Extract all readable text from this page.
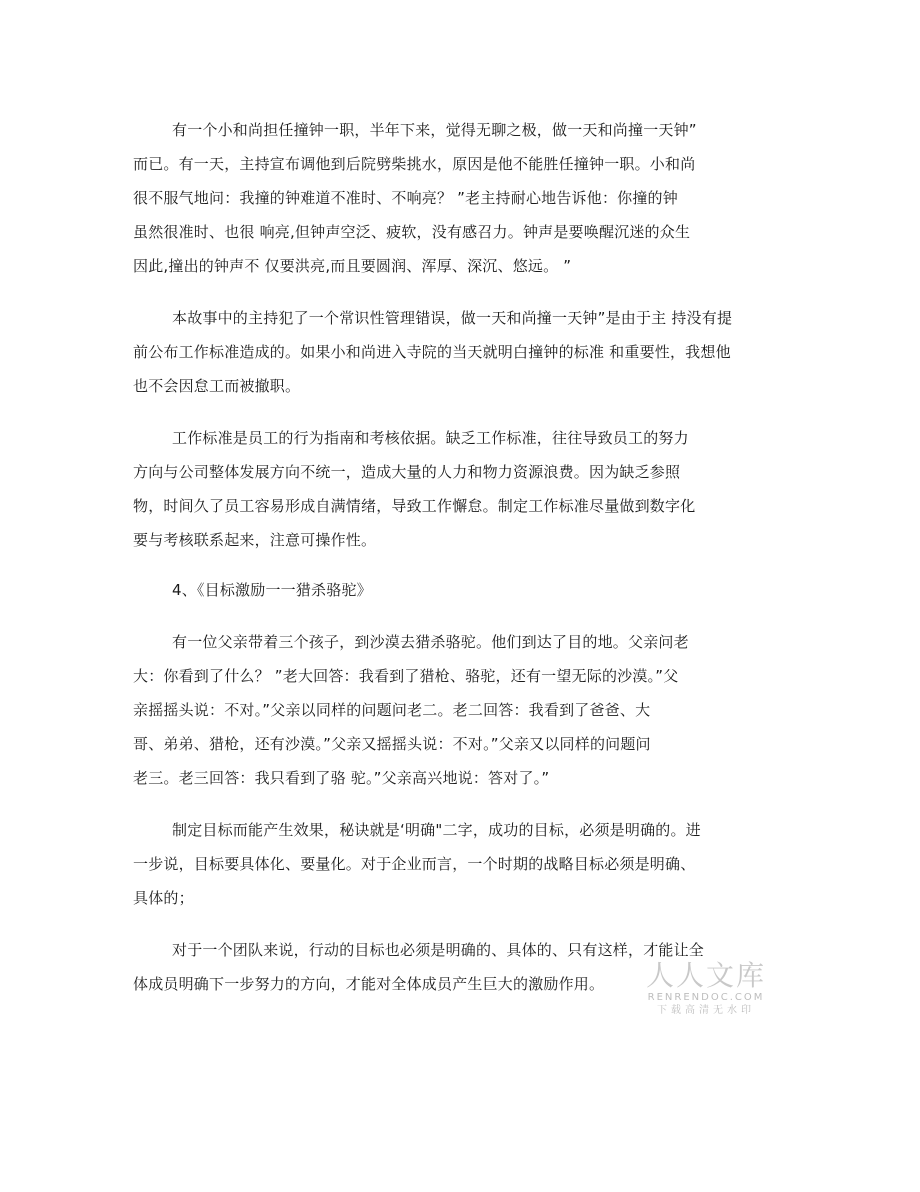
有一个小和尚担任撞钟一职，半年下来，觉得无聊之极，做一天和尚撞一天钟”
而已。有一天，主持宣布调他到后院劈柴挑水，原因是他不能胜任撞钟一职。小和尚
很不服气地问：我撞的钟难道不准时、不响亮？ ”老主持耐心地告诉他：你撞的钟
虽然很准时、也很 响亮,但钟声空泛、疲软，没有感召力。钟声是要唤醒沉迷的众生
因此,撞出的钟声不 仅要洪亮,而且要圆润、浑厚、深沉、悠远。 ”
本故事中的主持犯了一个常识性管理错误，做一天和尚撞一天钟”是由于主 持没有提
前公布工作标准造成的。如果小和尚进入寺院的当天就明白撞钟的标准 和重要性，我想他
也不会因怠工而被撤职。
工作标准是员工的行为指南和考核依据。缺乏工作标准，往往导致员工的努力
方向与公司整体发展方向不统一，造成大量的人力和物力资源浪费。因为缺乏参照
物，时间久了员工容易形成自满情绪，导致工作懈怠。制定工作标准尽量做到数字化
要与考核联系起来，注意可操作性。
4、《目标激励一一猎杀骆驼》
有一位父亲带着三个孩子，到沙漠去猎杀骆驼。他们到达了目的地。父亲问老
大：你看到了什么？ ”老大回答：我看到了猎枪、骆驼，还有一望无际的沙漠。”父
亲摇摇头说：不对。”父亲以同样的问题问老二。老二回答：我看到了爸爸、大
哥、弟弟、猎枪，还有沙漠。”父亲又摇摇头说：不对。”父亲又以同样的问题问
老三。老三回答：我只看到了骆 驼。”父亲高兴地说：答对了。”
制定目标而能产生效果，秘诀就是‘明确"二字，成功的目标，必须是明确的。进
一步说，目标要具体化、要量化。对于企业而言，一个时期的战略目标必须是明确、
具体的；
对于一个团队来说，行动的目标也必须是明确的、具体的、只有这样，才能让全
体成员明确下一步努力的方向，才能对全体成员产生巨大的激励作用。	人人文库
RENRENDOC.COM
下载高清无水印
